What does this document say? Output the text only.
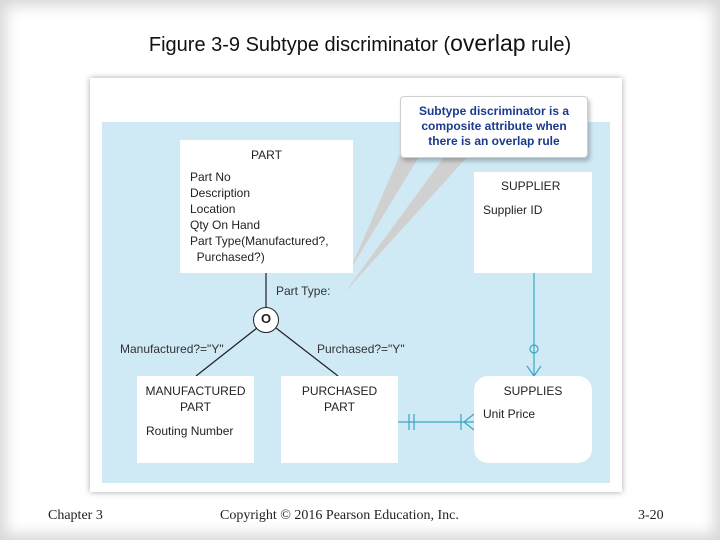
Figure 3-9 Subtype discriminator (overlap rule)
PART
Part No
Description
Location
Qty On Hand
Part Type(Manufactured?,
Purchased?)
SUPPLIER
Supplier ID
Subtype discriminator is a
composite attribute when
there is an overlap rule
Part Type:
O
Manufactured?="Y"	Purchased?="Y"
MANUFACTURED
PART
Routing Number
PURCHASED
PART
SUPPLIES
Unit Price
Chapter 3	Copyright © 2016 Pearson Education, Inc.	3-20
